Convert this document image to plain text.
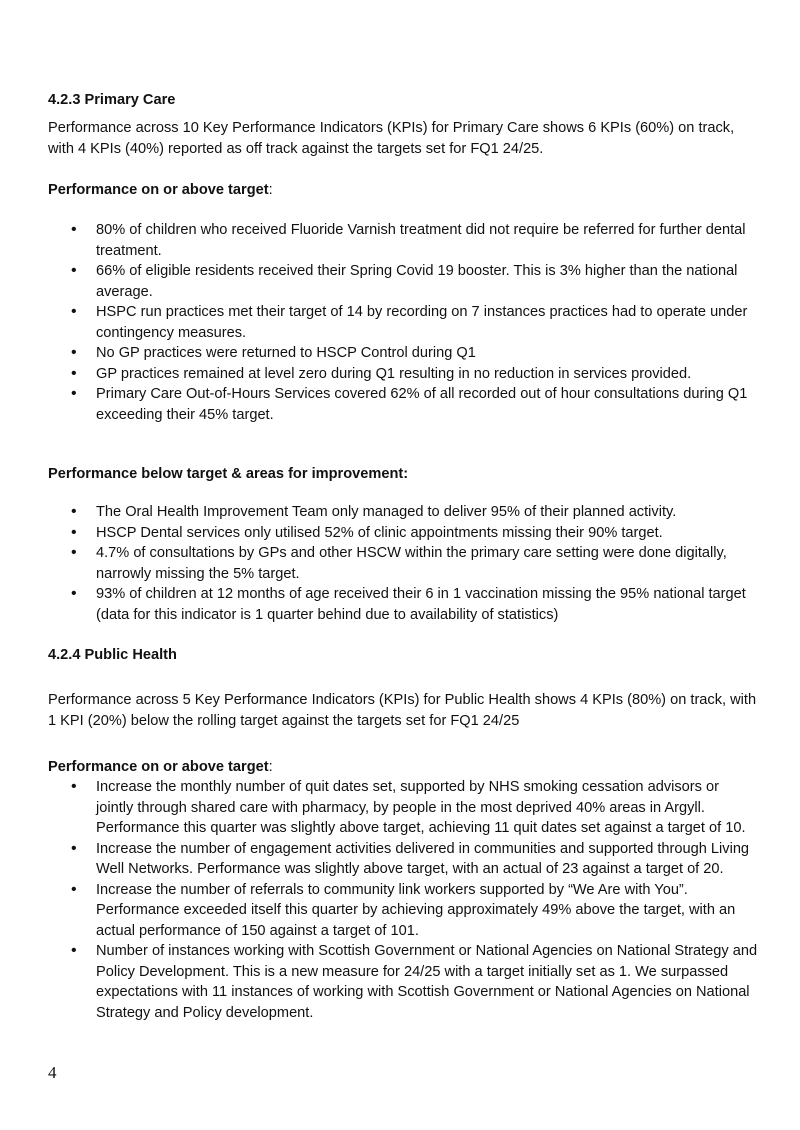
4.2.3 Primary Care
Performance across 10 Key Performance Indicators (KPIs) for Primary Care shows 6 KPIs (60%) on track, with 4 KPIs (40%) reported as off track against the targets set for FQ1 24/25.
Performance on or above target:
• 80% of children who received Fluoride Varnish treatment did not require be referred for further dental treatment.
• 66% of eligible residents received their Spring Covid 19 booster. This is 3% higher than the national average.
• HSPC run practices met their target of 14 by recording on 7 instances practices had to operate under contingency measures.
• No GP practices were returned to HSCP Control during Q1
• GP practices remained at level zero during Q1 resulting in no reduction in services provided.
• Primary Care Out-of-Hours Services covered 62% of all recorded out of hour consultations during Q1 exceeding their 45% target.
Performance below target & areas for improvement:
• The Oral Health Improvement Team only managed to deliver 95% of their planned activity.
• HSCP Dental services only utilised 52% of clinic appointments missing their 90% target.
• 4.7% of consultations by GPs and other HSCW within the primary care setting were done digitally, narrowly missing the 5% target.
• 93% of children at 12 months of age received their 6 in 1 vaccination missing the 95% national target (data for this indicator is 1 quarter behind due to availability of statistics)
4.2.4 Public Health
Performance across 5 Key Performance Indicators (KPIs) for Public Health shows 4 KPIs (80%) on track, with 1 KPI (20%) below the rolling target against the targets set for FQ1 24/25
Performance on or above target:
• Increase the monthly number of quit dates set, supported by NHS smoking cessation advisors or jointly through shared care with pharmacy, by people in the most deprived 40% areas in Argyll. Performance this quarter was slightly above target, achieving 11 quit dates set against a target of 10.
• Increase the number of engagement activities delivered in communities and supported through Living Well Networks. Performance was slightly above target, with an actual of 23 against a target of 20.
• Increase the number of referrals to community link workers supported by “We Are with You”. Performance exceeded itself this quarter by achieving approximately 49% above the target, with an actual performance of 150 against a target of 101.
• Number of instances working with Scottish Government or National Agencies on National Strategy and Policy Development. This is a new measure for 24/25 with a target initially set as 1. We surpassed expectations with 11 instances of working with Scottish Government or National Agencies on National Strategy and Policy development.
4
